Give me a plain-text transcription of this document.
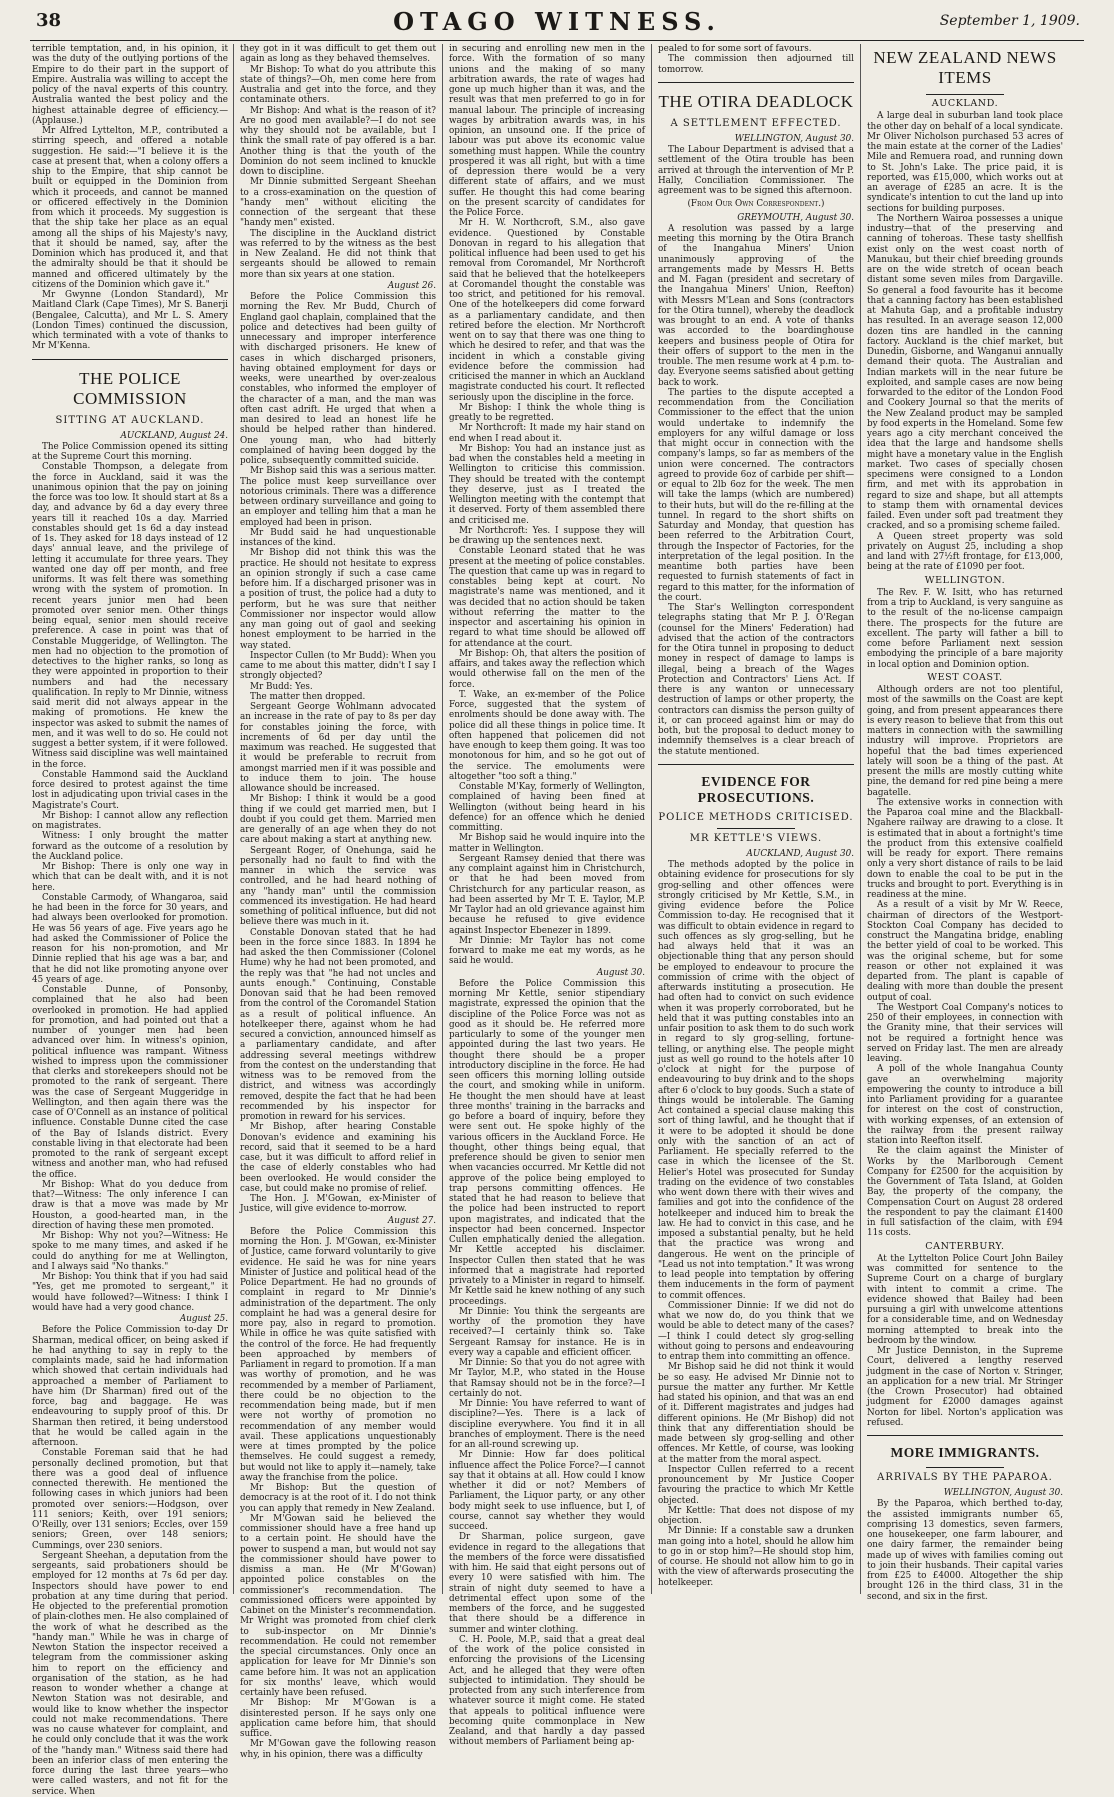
38	OTAGO WITNESS.	September 1, 1909.

terrible temptation, and, in his opinion, it was the duty of the outlying portions of the Empire to do their part in the support of Empire. Australia was willing to accept the policy of the naval experts of this country. Australia wanted the best policy and the highest attainable degree of efficiency.—(Applause.)

Mr Alfred Lyttelton, M.P., contributed a stirring speech, and offered a notable suggestion. He said:—"I believe it is the case at present that, when a colony offers a ship to the Empire, that ship cannot be built or equipped in the Dominion from which it proceeds, and cannot be manned or officered effectively in the Dominion from which it proceeds. My suggestion is that the ship take her place as an equal among all the ships of his Majesty's navy, that it should be named, say, after the Dominion which has produced it, and that the admiralty should be that it should be manned and officered ultimately by the citizens of the Dominion which gave it."

Mr Gwynne (London Standard), Mr Maitland Clark (Cape Times), Mr S. Banerji (Bengalee, Calcutta), and Mr L. S. Amery (London Times) continued the discussion, which terminated with a vote of thanks to Mr M'Kenna.

THE POLICE COMMISSION
SITTING AT AUCKLAND.
AUCKLAND, August 24.

The Police Commission opened its sitting at the Supreme Court this morning.

Constable Thompson, a delegate from the force in Auckland, said it was the unanimous opinion that the pay on joining the force was too low. It should start at 8s a day, and advance by 6d a day every three years till it reached 10s a day. Married constables should get 1s 6d a day instead of 1s. They asked for 18 days instead of 12 days' annual leave, and the privilege of letting it accumulate for three years. They wanted one day off per month, and free uniforms. It was felt there was something wrong with the system of promotion. In recent years junior men had been promoted over senior men. Other things being equal, senior men should receive preference. A case in point was that of Constable Muggeridge, of Wellington. The men had no objection to the promotion of detectives to the higher ranks, so long as they were appointed in proportion to their numbers and had the necessary qualification. In reply to Mr Dinnie, witness said merit did not always appear in the making of promotions. He knew the inspector was asked to submit the names of men, and it was well to do so. He could not suggest a better system, if it were followed. Witness said discipline was well maintained in the force.

Constable Hammond said the Auckland force desired to protest against the time lost in adjudicating upon trivial cases in the Magistrate's Court.

Mr Bishop: I cannot allow any reflection on magistrates.

Witness: I only brought the matter forward as the outcome of a resolution by the Auckland police.

Mr Bishop: There is only one way in which that can be dealt with, and it is not here.

Constable Carmody, of Whangaroa, said he had been in the force for 30 years, and had always been overlooked for promotion. He was 56 years of age. Five years ago he had asked the Commissioner of Police the reason for his non-promotion, and Mr Dinnie replied that his age was a bar, and that he did not like promoting anyone over 45 years of age.

Constable Dunne, of Ponsonby, complained that he also had been overlooked in promotion. He had applied for promotion, and had pointed out that a number of younger men had been advanced over him. In witness's opinion, political influence was rampant. Witness wished to impress upon the commissioner that clerks and storekeepers should not be promoted to the rank of sergeant. There was the case of Sergeant Muggeridge in Wellington, and then again there was the case of O'Connell as an instance of political influence. Constable Dunne cited the case of the Bay of Islands district. Every constable living in that electorate had been promoted to the rank of sergeant except witness and another man, who had refused the office.

Mr Bishop: What do you deduce from that?—Witness: The only inference I can draw is that a move was made by Mr Houston, a good-hearted man, in the direction of having these men promoted.

Mr Bishop: Why not you?—Witness: He spoke to me many times, and asked if he could do anything for me at Wellington, and I always said "No thanks."

Mr Bishop: You think that if you had said "Yes, get me promoted to sergeant," it would have followed?—Witness: I think I would have had a very good chance.

August 25.

Before the Police Commission to-day Dr Sharman, medical officer, on being asked if he had anything to say in reply to the complaints made, said he had information which showed that certain individuals had approached a member of Parliament to have him (Dr Sharman) fired out of the force, bag and baggage. He was endeavouring to supply proof of this. Dr Sharman then retired, it being understood that he would be called again in the afternoon.

Constable Foreman said that he had personally declined promotion, but that there was a good deal of influence connected therewith. He mentioned the following cases in which juniors had been promoted over seniors:—Hodgson, over 111 seniors; Keith, over 191 seniors; O'Reilly, over 131 seniors; Eccles, over 159 seniors; Green, over 148 seniors; Cummings, over 230 seniors.

Sergeant Sheehan, a deputation from the sergeants, said probationers should be employed for 12 months at 7s 6d per day. Inspectors should have power to end probation at any time during that period. He objected to the preferential promotion of plain-clothes men. He also complained of the work of what he described as the "handy man." While he was in charge of Newton Station the inspector received a telegram from the commissioner asking him to report on the efficiency and organisation of the station, as he had reason to wonder whether a change at Newton Station was not desirable, and would like to know whether the inspector could not make recommendations. There was no cause whatever for complaint, and he could only conclude that it was the work of the "handy man." Witness said there had been an inferior class of men entering the force during the last three years—who were called wasters, and not fit for the service. When

they got in it was difficult to get them out again as long as they behaved themselves.

Mr Bishop: To what do you attribute this state of things?—Oh, men come here from Australia and get into the force, and they contaminate others.

Mr Bishop: And what is the reason of it? Are no good men available?—I do not see why they should not be available, but I think the small rate of pay offered is a bar. Another thing is that the youth of the Dominion do not seem inclined to knuckle down to discipline.

Mr Dinnie submitted Sergeant Sheehan to a cross-examination on the question of "handy men" without eliciting the connection of the sergeant that these "handy men" existed.

The discipline in the Auckland district was referred to by the witness as the best in New Zealand. He did not think that sergeants should be allowed to remain more than six years at one station.

August 26.

Before the Police Commission this morning the Rev. Mr Budd, Church of England gaol chaplain, complained that the police and detectives had been guilty of unnecessary and improper interference with discharged prisoners. He knew of cases in which discharged prisoners, having obtained employment for days or weeks, were unearthed by over-zealous constables, who informed the employer of the character of a man, and the man was often cast adrift. He urged that when a man desired to lead an honest life he should be helped rather than hindered. One young man, who had bitterly complained of having been dogged by the police, subsequently committed suicide.

Mr Bishop said this was a serious matter. The police must keep surveillance over notorious criminals. There was a difference between ordinary surveillance and going to an employer and telling him that a man he employed had been in prison.

Mr Budd said he had unquestionable instances of the kind.

Mr Bishop did not think this was the practice. He should not hesitate to express an opinion strongly if such a case came before him. If a discharged prisoner was in a position of trust, the police had a duty to perform, but he was sure that neither Commissioner nor inspector would allow any man going out of gaol and seeking honest employment to be harried in the way stated.

Inspector Cullen (to Mr Budd): When you came to me about this matter, didn't I say I strongly objected?

Mr Budd: Yes.

The matter then dropped.

Sergeant George Wohlmann advocated an increase in the rate of pay to 8s per day for constables joining the force, with increments of 6d per day until the maximum was reached. He suggested that it would be preferable to recruit from amongst married men if it was possible and to induce them to join. The house allowance should be increased.

Mr Bishop: I think it would be a good thing if we could get married men, but I doubt if you could get them. Married men are generally of an age when they do not care about making a start at anything new.

Sergeant Roger, of Onehunga, said he personally had no fault to find with the manner in which the service was controlled, and he had heard nothing of any "handy man" until the commission commenced its investigation. He had heard something of political influence, but did not believe there was much in it.

Constable Donovan stated that he had been in the force since 1883. In 1894 he had asked the then Commissioner (Colonel Hume) why he had not been promoted, and the reply was that "he had not uncles and aunts enough." Continuing, Constable Donovan said that he had been removed from the control of the Coromandel Station as a result of political influence. An hotelkeeper there, against whom he had secured a conviction, announced himself as a parliamentary candidate, and after addressing several meetings withdrew from the contest on the understanding that witness was to be removed from the district, and witness was accordingly removed, despite the fact that he had been recommended by his inspector for promotion in reward for his services.

Mr Bishop, after hearing Constable Donovan's evidence and examining his record, said that it seemed to be a hard case, but it was difficult to afford relief in the case of elderly constables who had been overlooked. He would consider the case, but could make no promise of relief.

The Hon. J. M'Gowan, ex-Minister of Justice, will give evidence to-morrow.

August 27.

Before the Police Commission this morning the Hon. J. M'Gowan, ex-Minister of Justice, came forward voluntarily to give evidence. He said he was for nine years Minister of Justice and political head of the Police Department. He had no grounds of complaint in regard to Mr Dinnie's administration of the department. The only complaint he had was a general desire for more pay, also in regard to promotion. While in office he was quite satisfied with the control of the force. He had frequently been approached by members of Parliament in regard to promotion. If a man was worthy of promotion, and he was recommended by a member of Parliament, there could be no objection to the recommendation being made, but if men were not worthy of promotion no recommendation of any member would avail. These applications unquestionably were at times prompted by the police themselves. He could suggest a remedy, but would not like to apply it—namely, take away the franchise from the police.

Mr Bishop: But the question of democracy is at the root of it. I do not think you can apply that remedy in New Zealand.

Mr M'Gowan said he believed the commissioner should have a free hand up to a certain point. He should have the power to suspend a man, but would not say the commissioner should have power to dismiss a man. He (Mr M'Gowan) appointed police constables on the commissioner's recommendation. The commissioned officers were appointed by Cabinet on the Minister's recommendation. Mr Wright was promoted from chief clerk to sub-inspector on Mr Dinnie's recommendation. He could not remember the special circumstances. Only once an application for leave for Mr Dinnie's son came before him. It was not an application for six months' leave, which would certainly have been refused.

Mr Bishop: Mr M'Gowan is a disinterested person. If he says only one application came before him, that should suffice.

Mr M'Gowan gave the following reason why, in his opinion, there was a difficulty

in securing and enrolling new men in the force. With the formation of so many unions and the making of so many arbitration awards, the rate of wages had gone up much higher than it was, and the result was that men preferred to go in for manual labour. The principle of increasing wages by arbitration awards was, in his opinion, an unsound one. If the price of labour was put above its economic value something must happen. While the country prospered it was all right, but with a time of depression there would be a very different state of affairs, and we must suffer. He thought this had come bearing on the present scarcity of candidates for the Police Force.

Mr H. W. Northcroft, S.M., also gave evidence. Questioned by Constable Donovan in regard to his allegation that political influence had been used to get his removal from Coromandel, Mr Northcroft said that he believed that the hotelkeepers at Coromandel thought the constable was too strict, and petitioned for his removal. One of the hotelkeepers did come forward as a parliamentary candidate, and then retired before the election. Mr Northcroft went on to say that there was one thing to which he desired to refer, and that was the incident in which a constable giving evidence before the commission had criticised the manner in which an Auckland magistrate conducted his court. It reflected seriously upon the discipline in the force.

Mr Bishop: I think the whole thing is greatly to be regretted.

Mr Northcroft: It made my hair stand on end when I read about it.

Mr Bishop: You had an instance just as bad when the constables held a meeting in Wellington to criticise this commission. They should be treated with the contempt they deserve, just as I treated the Wellington meeting with the contempt that it deserved. Forty of them assembled there and criticised me.

Mr Northcroft: Yes. I suppose they will be drawing up the sentences next.

Constable Leonard stated that he was present at the meeting of police constables. The question that came up was in regard to constables being kept at court. No magistrate's name was mentioned, and it was decided that no action should be taken without referring the matter to the inspector and ascertaining his opinion in regard to what time should be allowed off for attendance at the court.

Mr Bishop: Oh, that alters the position of affairs, and takes away the reflection which would otherwise fall on the men of the force.

T. Wake, an ex-member of the Police Force, suggested that the system of enrolments should be done away with. The police did all these things in police time. It often happened that policemen did not have enough to keep them going. It was too monotonous for him, and so he got out of the service. The emoluments were altogether "too soft a thing."

Constable M'Kay, formerly of Wellington, complained of having been fined at Wellington (without being heard in his defence) for an offence which he denied committing.

Mr Bishop said he would inquire into the matter in Wellington.

Sergeant Ramsey denied that there was any complaint against him in Christchurch, or that he had been moved from Christchurch for any particular reason, as had been asserted by Mr T. E. Taylor, M.P. Mr Taylor had an old grievance against him because he refused to give evidence against Inspector Ebenezer in 1899.

Mr Dinnie: Mr Taylor has not come forward to make me eat my words, as he said he would.

August 30.

Before the Police Commission this morning Mr Kettle, senior stipendiary magistrate, expressed the opinion that the discipline of the Police Force was not as good as it should be. He referred more particularly to some of the younger men appointed during the last two years. He thought there should be a proper introductory discipline in the force. He had seen officers this morning lolling outside the court, and smoking while in uniform. He thought the men should have at least three months' training in the barracks and go before a board of inquiry, before they were sent out. He spoke highly of the various officers in the Auckland Force. He thought, other things being equal, that preference should be given to senior men when vacancies occurred. Mr Kettle did not approve of the police being employed to trap persons committing offences. He stated that he had reason to believe that the police had been instructed to report upon magistrates, and indicated that the inspector had been concerned. Inspector Cullen emphatically denied the allegation. Mr Kettle accepted his disclaimer. Inspector Cullen then stated that he was informed that a magistrate had reported privately to a Minister in regard to himself. Mr Kettle said he knew nothing of any such proceedings.

Mr Dinnie: You think the sergeants are worthy of the promotion they have received?—I certainly think so. Take Sergeant Ramsay for instance. He is in every way a capable and efficient officer.

Mr Dinnie: So that you do not agree with Mr Taylor, M.P., who stated in the House that Ramsay should not be in the force?—I certainly do not.

Mr Dinnie: You have referred to want of discipline?—Yes. There is a lack of discipline everywhere. You find it in all branches of employment. There is the need for an all-round screwing up.

Mr Dinnie: How far does political influence affect the Police Force?—I cannot say that it obtains at all. How could I know whether it did or not? Members of Parliament, the Liquor party, or any other body might seek to use influence, but I, of course, cannot say whether they would succeed.

Dr Sharman, police surgeon, gave evidence in regard to the allegations that the members of the force were dissatisfied with him. He said that eight persons out of every 10 were satisfied with him. The strain of night duty seemed to have a detrimental effect upon some of the members of the force, and he suggested that there should be a difference in summer and winter clothing.

C. H. Poole, M.P., said that a great deal of the work of the police consisted in enforcing the provisions of the Licensing Act, and he alleged that they were often subjected to intimidation. They should be protected from any such interference from whatever source it might come. He stated that appeals to political influence were becoming quite commonplace in New Zealand, and that hardly a day passed without members of Parliament being ap-

pealed to for some sort of favours.

The commission then adjourned till tomorrow.

THE OTIRA DEADLOCK
A SETTLEMENT EFFECTED.
WELLINGTON, August 30.

The Labour Department is advised that a settlement of the Otira trouble has been arrived at through the intervention of Mr P. Hally, Conciliation Commissioner. The agreement was to be signed this afternoon.

(From Our Own Correspondent.)
GREYMOUTH, August 30.

A resolution was passed by a large meeting this morning by the Otira Branch of the Inangahua Miners' Union unanimously approving of the arrangements made by Messrs H. Betts and M. Fagan (president and secretary of the Inangahua Miners' Union, Reefton) with Messrs M'Lean and Sons (contractors for the Otira tunnel), whereby the deadlock was brought to an end. A vote of thanks was accorded to the boardinghouse keepers and business people of Otira for their offers of support to the men in the trouble. The men resume work at 4 p.m. to-day. Everyone seems satisfied about getting back to work.

The parties to the dispute accepted a recommendation from the Conciliation Commissioner to the effect that the union would undertake to indemnify the employers for any wilful damage or loss that might occur in connection with the company's lamps, so far as members of the union were concerned. The contractors agreed to provide 6oz of carbide per shift—or equal to 2lb 6oz for the week. The men will take the lamps (which are numbered) to their huts, but will do the re-filling at the tunnel. In regard to the short shifts on Saturday and Monday, that question has been referred to the Arbitration Court, through the Inspector of Factories, for the interpretation of the legal position. In the meantime both parties have been requested to furnish statements of fact in regard to this matter, for the information of the court.

The Star's Wellington correspondent telegraphs stating that Mr P. J. O'Regan (counsel for the Miners' Federation) had advised that the action of the contractors for the Otira tunnel in proposing to deduct money in respect of damage to lamps is illegal, being a breach of the Wages Protection and Contractors' Liens Act. If there is any wanton or unnecessary destruction of lamps or other property, the contractors can dismiss the person guilty of it, or can proceed against him or may do both, but the proposal to deduct money to indemnify themselves is a clear breach of the statute mentioned.

EVIDENCE FOR PROSECUTIONS.
POLICE METHODS CRITICISED.
MR KETTLE'S VIEWS.
AUCKLAND, August 30.

The methods adopted by the police in obtaining evidence for prosecutions for sly grog-selling and other offences were strongly criticised by Mr Kettle, S.M., in giving evidence before the Police Commission to-day. He recognised that it was difficult to obtain evidence in regard to such offences as sly grog-selling, but he had always held that it was an objectionable thing that any person should be employed to endeavour to procure the commission of crime with the object of afterwards instituting a prosecution. He had often had to convict on such evidence when it was properly corroborated, but he held that it was putting constables into an unfair position to ask them to do such work in regard to sly grog-selling, fortune-telling, or anything else. The people might just as well go round to the hotels after 10 o'clock at night for the purpose of endeavouring to buy drink and to the shops after 6 o'clock to buy goods. Such a state of things would be intolerable. The Gaming Act contained a special clause making this sort of thing lawful, and he thought that if it were to be adopted it should be done only with the sanction of an act of Parliament. He specially referred to the case in which the licensee of the St. Helier's Hotel was prosecuted for Sunday trading on the evidence of two constables who went down there with their wives and families and got into the confidence of the hotelkeeper and induced him to break the law. He had to convict in this case, and he imposed a substantial penalty, but he held that the practice was wrong and dangerous. He went on the principle of "Lead us not into temptation." It was wrong to lead people into temptation by offering them inducements in the form of payment to commit offences.

Commissioner Dinnie: If we did not do what we now do, do you think that we would be able to detect many of the cases?—I think I could detect sly grog-selling without going to persons and endeavouring to entrap them into committing an offence.

Mr Bishop said he did not think it would be so easy. He advised Mr Dinnie not to pursue the matter any further. Mr Kettle had stated his opinion, and that was an end of it. Different magistrates and judges had different opinions. He (Mr Bishop) did not think that any differentiation should be made between sly grog-selling and other offences. Mr Kettle, of course, was looking at the matter from the moral aspect.

Inspector Cullen referred to a recent pronouncement by Mr Justice Cooper favouring the practice to which Mr Kettle objected.

Mr Kettle: That does not dispose of my objection.

Mr Dinnie: If a constable saw a drunken man going into a hotel, should he allow him to go in or stop him?—He should stop him, of course. He should not allow him to go in with the view of afterwards prosecuting the hotelkeeper.

NEW ZEALAND NEWS ITEMS
AUCKLAND.

A large deal in suburban land took place the other day on behalf of a local syndicate. Mr Oliver Nicholson purchased 53 acres of the main estate at the corner of the Ladies' Mile and Remuera road, and running down to St. John's Lake. The price paid, it is reported, was £15,000, which works out at an average of £285 an acre. It is the syndicate's intention to cut the land up into sections for building purposes.

The Northern Wairoa possesses a unique industry—that of the preserving and canning of toheroas. These tasty shellfish exist only on the west coast north of Manukau, but their chief breeding grounds are on the wide stretch of ocean beach distant some seven miles from Dargaville. So general a food favourite has it become that a canning factory has been established at Mahuta Gap, and a profitable industry has resulted. In an average season 12,000 dozen tins are handled in the canning factory. Auckland is the chief market, but Dunedin, Gisborne, and Wanganui annually demand their quota. The Australian and Indian markets will in the near future be exploited, and sample cases are now being forwarded to the editor of the London Food and Cookery Journal so that the merits of the New Zealand product may be sampled by food experts in the Homeland. Some few years ago a city merchant conceived the idea that the large and handsome shells might have a monetary value in the English market. Two cases of specially chosen specimens were consigned to a London firm, and met with its approbation in regard to size and shape, but all attempts to stamp them with ornamental devices failed. Even under soft pad treatment they cracked, and so a promising scheme failed.

A Queen street property was sold privately on August 25, including a shop and land with 27½ft frontage, for £13,000, being at the rate of £1090 per foot.

WELLINGTON.

The Rev. F. W. Isitt, who has returned from a trip to Auckland, is very sanguine as to the result of the no-license campaign there. The prospects for the future are excellent. The party will father a bill to come before Parliament next session embodying the principle of a bare majority in local option and Dominion option.

WEST COAST.

Although orders are not too plentiful, most of the sawmills on the Coast are kept going, and from present appearances there is every reason to believe that from this out matters in connection with the sawmilling industry will improve. Proprietors are hopeful that the bad times experienced lately will soon be a thing of the past. At present the mills are mostly cutting white pine, the demand for red pine being a mere bagatelle.

The extensive works in connection with the Paparoa coal mine and the Blackball-Ngahere railway are drawing to a close. It is estimated that in about a fortnight's time the product from this extensive coalfield will be ready for export. There remains only a very short distance of rails to be laid down to enable the coal to be put in the trucks and brought to port. Everything is in readiness at the mine.

As a result of a visit by Mr W. Reece, chairman of directors of the Westport-Stockton Coal Company has decided to construct the Mangatina bridge, enabling the better yield of coal to be worked. This was the original scheme, but for some reason or other not explained it was departed from. The plant is capable of dealing with more than double the present output of coal.

The Westport Coal Company's notices to 250 of their employees, in connection with the Granity mine, that their services will not be required a fortnight hence was served on Friday last. The men are already leaving.

A poll of the whole Inangahua County gave an overwhelming majority empowering the county to introduce a bill into Parliament providing for a guarantee for interest on the cost of construction, with working expenses, of an extension of the railway from the present railway station into Reefton itself.

Re the claim against the Minister of Works by the Marlborough Cement Company for £2500 for the acquisition by the Government of Tata Island, at Golden Bay, the property of the company, the Compensation Court on August 28 ordered the respondent to pay the claimant £1400 in full satisfaction of the claim, with £94 11s costs.

CANTERBURY.

At the Lyttelton Police Court John Bailey was committed for sentence to the Supreme Court on a charge of burglary with intent to commit a crime. The evidence showed that Bailey had been pursuing a girl with unwelcome attentions for a considerable time, and on Wednesday morning attempted to break into the bedroom by the window.

Mr Justice Denniston, in the Supreme Court, delivered a lengthy reserved judgment in the case of Norton v. Stringer, an application for a new trial. Mr Stringer (the Crown Prosecutor) had obtained judgment for £2000 damages against Norton for libel. Norton's application was refused.

MORE IMMIGRANTS.
ARRIVALS BY THE PAPAROA.
WELLINGTON, August 30.

By the Paparoa, which berthed to-day, the assisted immigrants number 65, comprising 13 domestics, seven farmers, one housekeeper, one farm labourer, and one dairy farmer, the remainder being made up of wives with families coming out to join their husbands. Their capital varies from £25 to £4000. Altogether the ship brought 126 in the third class, 31 in the second, and six in the first.
